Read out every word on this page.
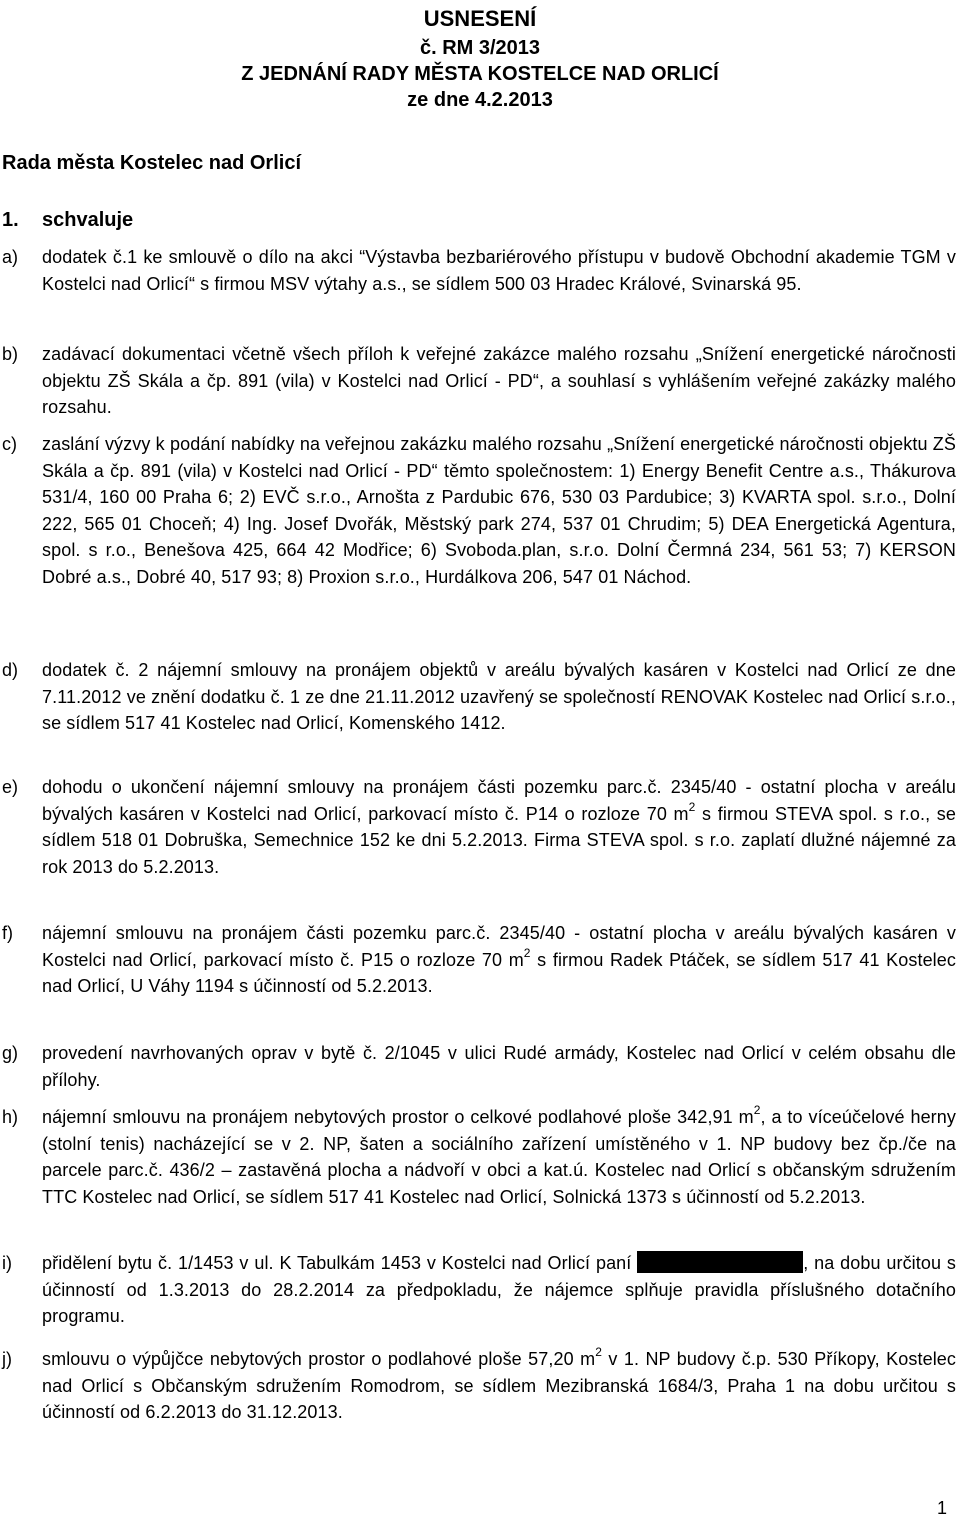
USNESENÍ
č. RM 3/2013
Z JEDNÁNÍ RADY MĚSTA KOSTELCE NAD ORLICÍ
ze dne 4.2.2013
Rada města Kostelec nad Orlicí
1. schvaluje
a)	dodatek č.1 ke smlouvě o dílo na akci “Výstavba bezbariérového přístupu v budově Obchodní akademie TGM v Kostelci nad Orlicí“ s firmou MSV výtahy a.s., se sídlem 500 03 Hradec Králové, Svinarská 95.
b)	zadávací dokumentaci včetně všech příloh k veřejné zakázce malého rozsahu „Snížení energetické náročnosti objektu ZŠ Skála a čp. 891 (vila) v Kostelci nad Orlicí - PD“, a souhlasí s vyhlášením veřejné zakázky malého rozsahu.
c)	zaslání výzvy k podání nabídky na veřejnou zakázku malého rozsahu „Snížení energetické náročnosti objektu ZŠ Skála a čp. 891 (vila) v Kostelci nad Orlicí - PD“ těmto společnostem: 1) Energy Benefit Centre a.s., Thákurova 531/4, 160 00 Praha 6; 2) EVČ s.r.o., Arnošta z Pardubic 676, 530 03 Pardubice; 3) KVARTA spol. s.r.o., Dolní 222, 565 01 Choceň; 4) Ing. Josef Dvořák, Městský park 274, 537 01 Chrudim; 5) DEA Energetická Agentura, spol. s r.o., Benešova 425, 664 42 Modřice; 6) Svoboda.plan, s.r.o. Dolní Čermná 234, 561 53; 7) KERSON Dobré a.s., Dobré 40, 517 93; 8) Proxion s.r.o., Hurdálkova 206, 547 01 Náchod.
d)	dodatek č. 2 nájemní smlouvy na pronájem objektů v areálu bývalých kasáren v Kostelci nad Orlicí ze dne 7.11.2012 ve znění dodatku č. 1 ze dne 21.11.2012 uzavřený se společností RENOVAK Kostelec nad Orlicí s.r.o., se sídlem 517 41 Kostelec nad Orlicí, Komenského 1412.
e)	dohodu o ukončení nájemní smlouvy na pronájem části pozemku parc.č. 2345/40 - ostatní plocha v areálu bývalých kasáren v Kostelci nad Orlicí, parkovací místo č. P14 o rozloze 70 $m^2$ s firmou STEVA spol. s r.o., se sídlem 518 01 Dobruška, Semechnice 152 ke dni 5.2.2013. Firma STEVA spol. s r.o. zaplatí dlužné nájemné za rok 2013 do 5.2.2013.
f)	nájemní smlouvu na pronájem části pozemku parc.č. 2345/40 - ostatní plocha v areálu bývalých kasáren v Kostelci nad Orlicí, parkovací místo č. P15 o rozloze 70 $m^2$ s firmou Radek Ptáček, se sídlem 517 41 Kostelec nad Orlicí, U Váhy 1194 s účinností od 5.2.2013.
g)	provedení navrhovaných oprav v bytě č. 2/1045 v ulici Rudé armády, Kostelec nad Orlicí v celém obsahu dle přílohy.
h)	nájemní smlouvu na pronájem nebytových prostor o celkové podlahové ploše 342,91 $m^2$, a to víceúčelové herny (stolní tenis) nacházející se v 2. NP, šaten a sociálního zařízení umístěného v 1. NP budovy bez čp./če na parcele parc.č. 436/2 – zastavěná plocha a nádvoří v obci a kat.ú. Kostelec nad Orlicí s občanským sdružením TTC Kostelec nad Orlicí, se sídlem 517 41 Kostelec nad Orlicí, Solnická 1373 s účinností od 5.2.2013.
i)	přidělení bytu č. 1/1453 v ul. K Tabulkám 1453 v Kostelci nad Orlicí paní	, na dobu určitou s účinností od 1.3.2013 do 28.2.2014 za předpokladu, že nájemce splňuje pravidla příslušného dotačního programu.
j)	smlouvu o výpůjčce nebytových prostor o podlahové ploše 57,20 $m^2$ v 1. NP budovy č.p. 530 Příkopy, Kostelec nad Orlicí s Občanským sdružením Romodrom, se sídlem Mezibranská 1684/3, Praha 1 na dobu určitou s účinností od 6.2.2013 do 31.12.2013.
1
